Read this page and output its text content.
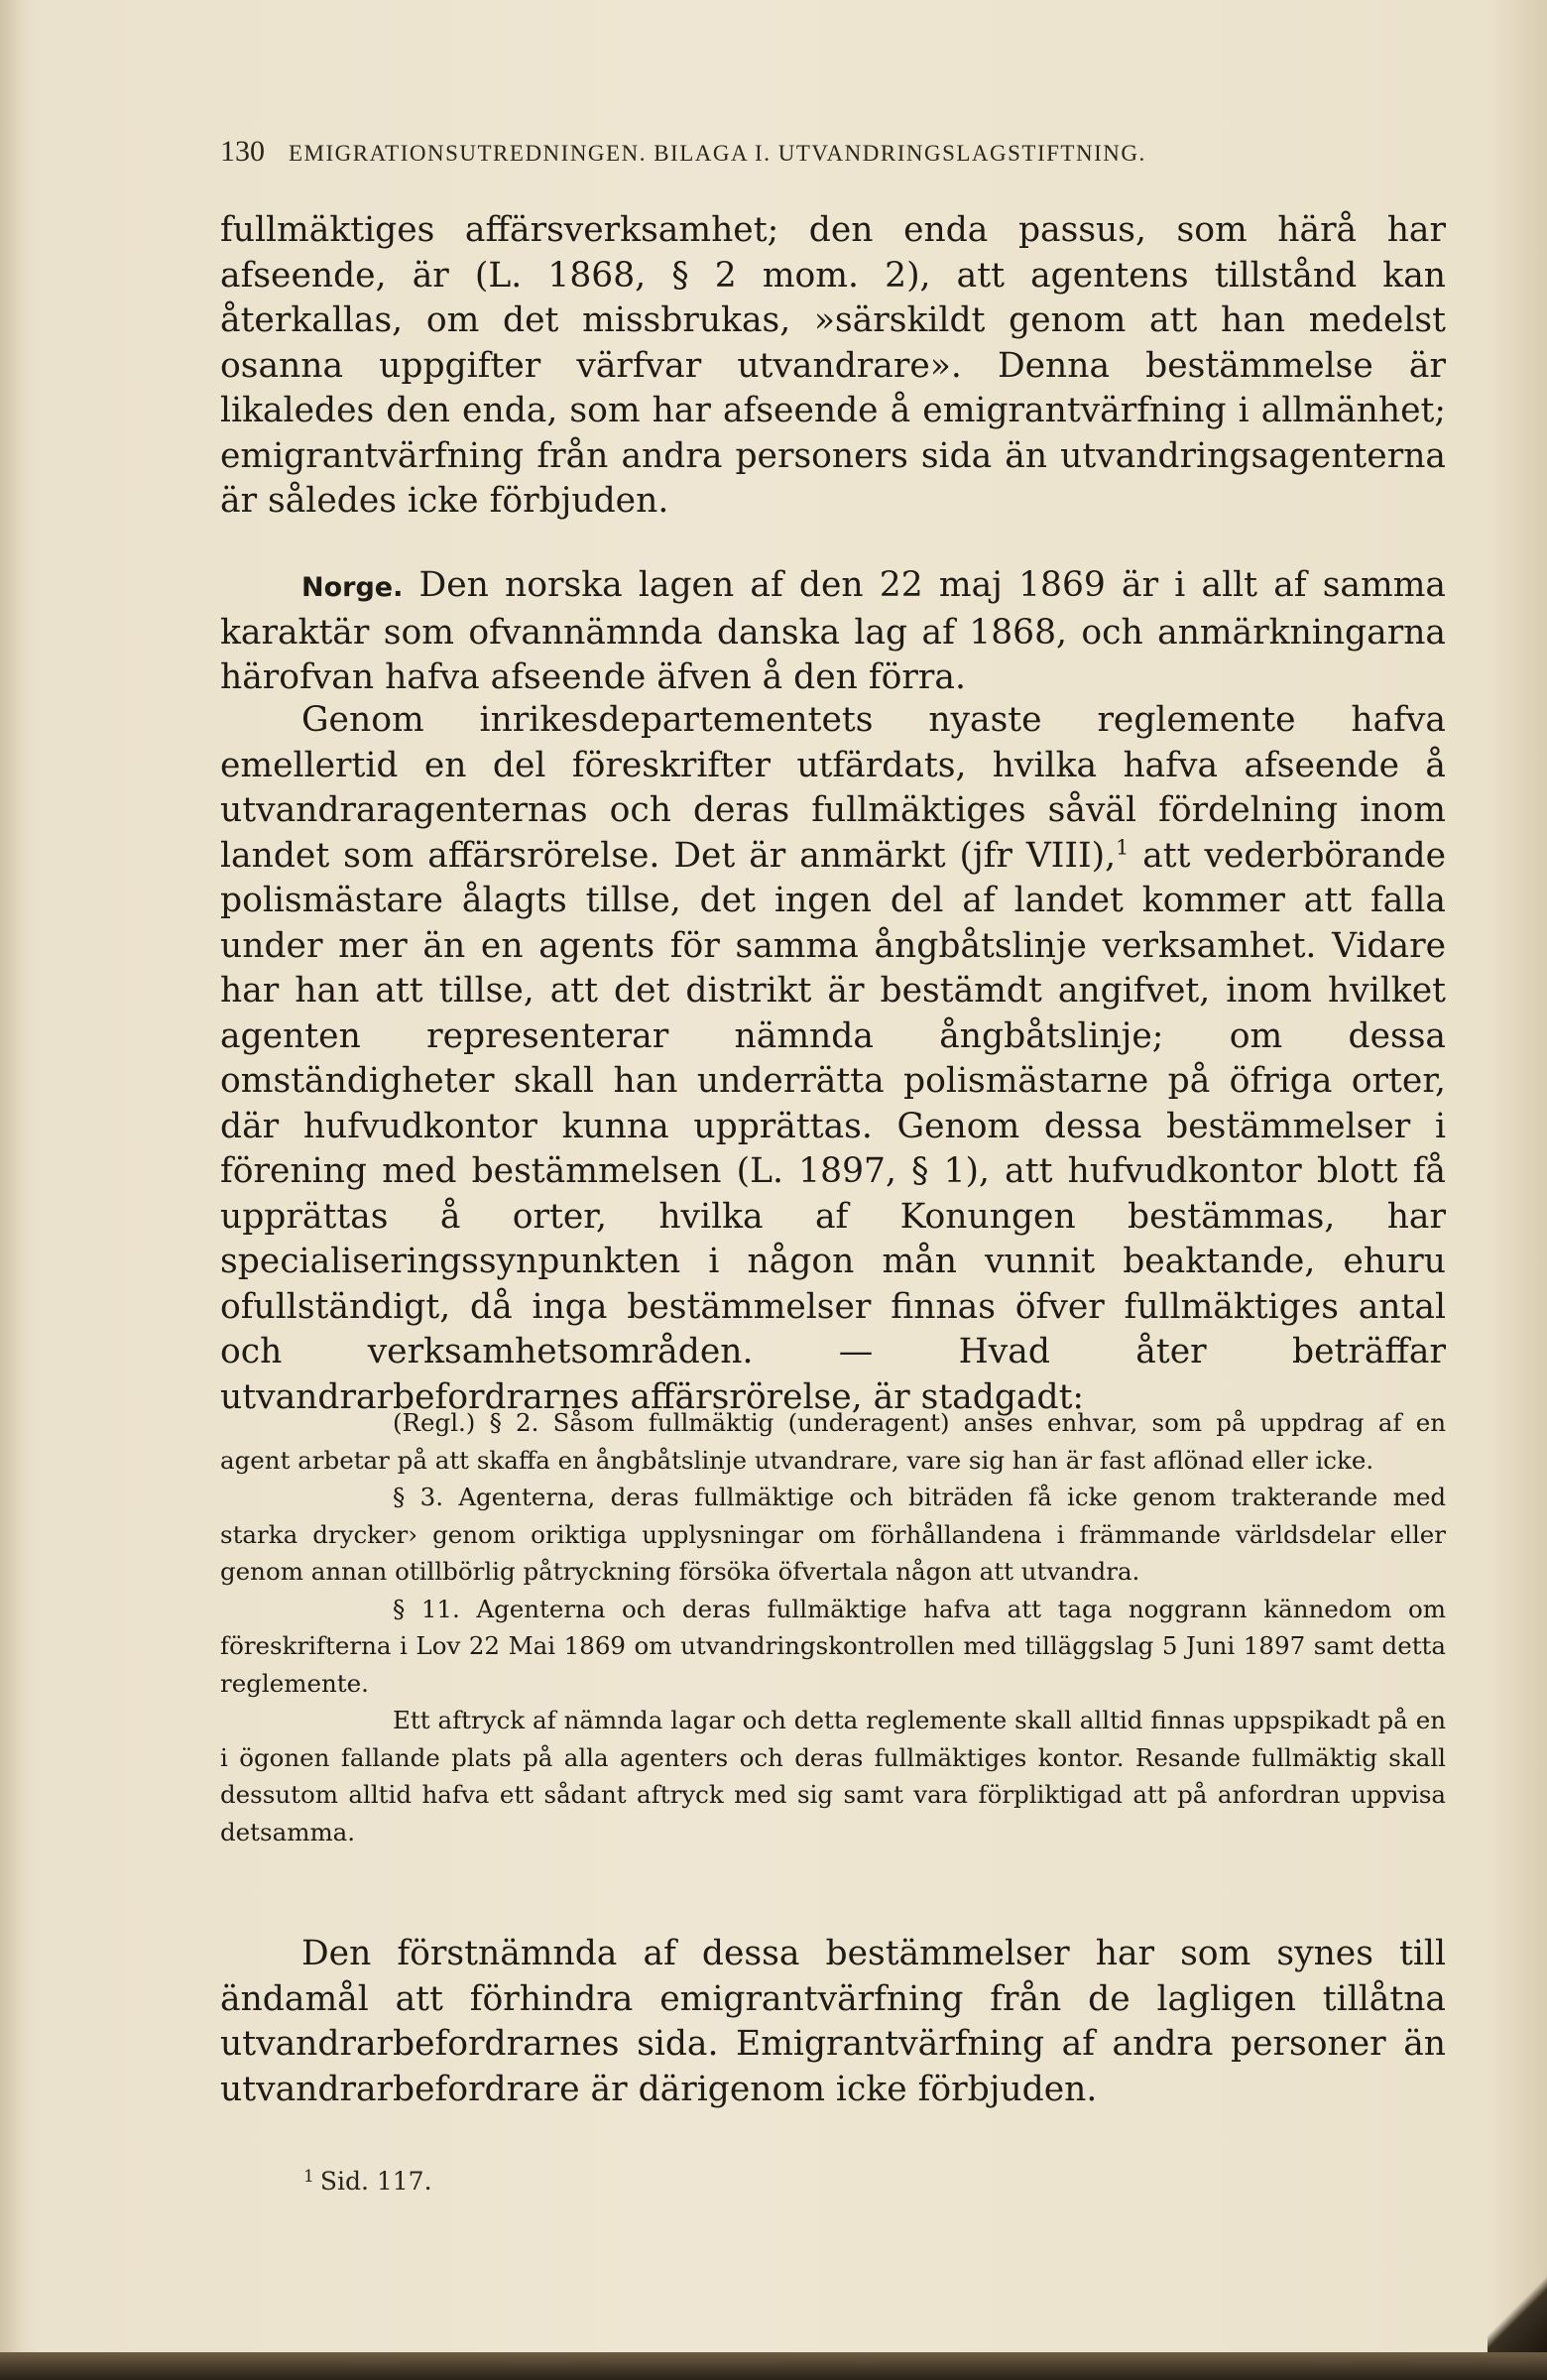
130 EMIGRATIONSUTREDNINGEN. BILAGA I. UTVANDRINGSLAGSTIFTNING.

fullmäktiges affärsverksamhet; den enda passus, som härå har afseende, är (L. 1868, § 2 mom. 2), att agentens tillstånd kan återkallas, om det missbrukas, »särskildt genom att han medelst osanna uppgifter värfvar utvandrare». Denna bestämmelse är likaledes den enda, som har afseende å emigrantvärfning i allmänhet; emigrantvärfning från andra personers sida än utvandringsagenterna är således icke förbjuden.

Norge. Den norska lagen af den 22 maj 1869 är i allt af samma karaktär som ofvannämnda danska lag af 1868, och anmärkningarna härofvan hafva afseende äfven å den förra.

Genom inrikesdepartementets nyaste reglemente hafva emellertid en del föreskrifter utfärdats, hvilka hafva afseende å utvandraragenternas och deras fullmäktiges såväl fördelning inom landet som affärsrörelse. Det är anmärkt (jfr VIII),$^1$ att vederbörande polismästare ålagts tillse, det ingen del af landet kommer att falla under mer än en agents för samma ångbåtslinje verksamhet. Vidare har han att tillse, att det distrikt är bestämdt angifvet, inom hvilket agenten representerar nämnda ångbåtslinje; om dessa omständigheter skall han underrätta polismästarne på öfriga orter, där hufvudkontor kunna upprättas. Genom dessa bestämmelser i förening med bestämmelsen (L. 1897, § 1), att hufvudkontor blott få upprättas å orter, hvilka af Konungen bestämmas, har specialiseringssynpunkten i någon mån vunnit beaktande, ehuru ofullständigt, då inga bestämmelser finnas öfver fullmäktiges antal och verksamhetsområden. — Hvad åter beträffar utvandrarbefordrarnes affärsrörelse, är stadgadt:

(Regl.) § 2. Såsom fullmäktig (underagent) anses enhvar, som på uppdrag af en agent arbetar på att skaffa en ångbåtslinje utvandrare, vare sig han är fast aflönad eller icke.

§ 3. Agenterna, deras fullmäktige och biträden få icke genom trakterande med starka drycker› genom oriktiga upplysningar om förhållandena i främmande världsdelar eller genom annan otillbörlig påtryckning försöka öfvertala någon att utvandra.

§ 11. Agenterna och deras fullmäktige hafva att taga noggrann kännedom om föreskrifterna i Lov 22 Mai 1869 om utvandringskontrollen med tilläggslag 5 Juni 1897 samt detta reglemente.

Ett aftryck af nämnda lagar och detta reglemente skall alltid finnas uppspikadt på en i ögonen fallande plats på alla agenters och deras fullmäktiges kontor. Resande fullmäktig skall dessutom alltid hafva ett sådant aftryck med sig samt vara förpliktigad att på anfordran uppvisa detsamma.

Den förstnämnda af dessa bestämmelser har som synes till ändamål att förhindra emigrantvärfning från de lagligen tillåtna utvandrarbefordrarnes sida. Emigrantvärfning af andra personer än utvandrarbefordrare är därigenom icke förbjuden.

$^1$ Sid. 117.
